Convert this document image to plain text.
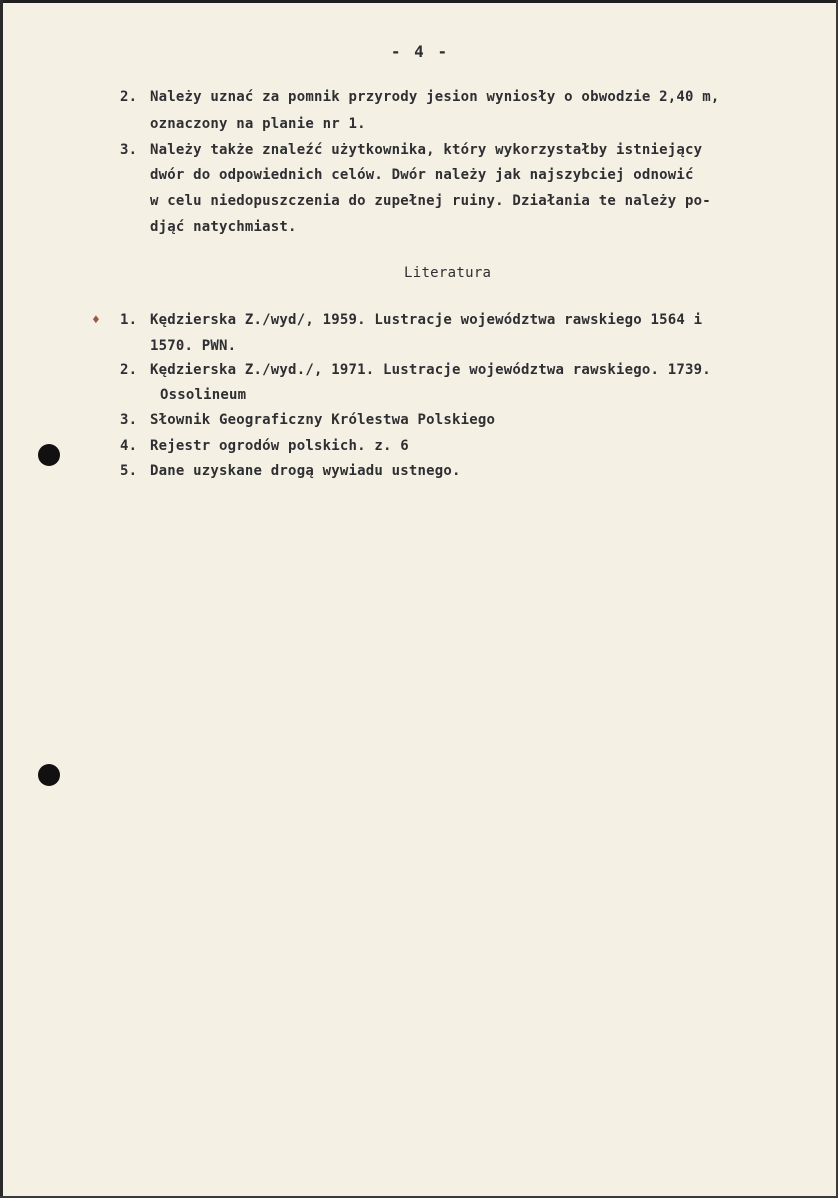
- 4 -
2. Należy uznać za pomnik przyrody jesion wyniosły o obwodzie 2,40 m,
oznaczony na planie nr 1.
3. Należy także znaleźć użytkownika, który wykorzystałby istniejący
dwór do odpowiednich celów. Dwór należy jak najszybciej odnowić
w celu niedopuszczenia do zupełnej ruiny. Działania te należy po-
djąć natychmiast.
Literatura
♦ 1. Kędzierska Z./wyd/, 1959. Lustracje województwa rawskiego 1564 i
1570. PWN.
2. Kędzierska Z./wyd./, 1971. Lustracje województwa rawskiego. 1739.
Ossolineum
3. Słownik Geograficzny Królestwa Polskiego
4. Rejestr ogrodów polskich. z. 6
5. Dane uzyskane drogą wywiadu ustnego.
